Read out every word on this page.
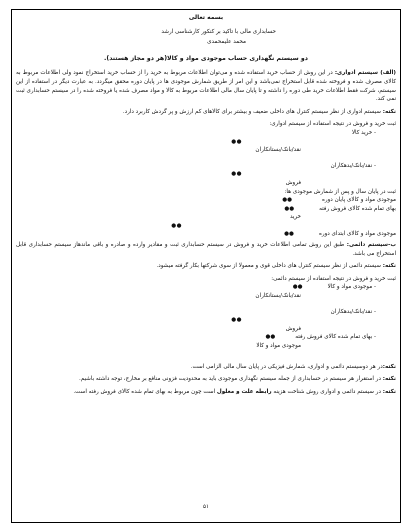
بسمه تعالی
حسابداری مالی با تاکید بر کنکور کارشناسی ارشد
محمد علیمحمدی
دو سیستم نگهداری حساب موجودی مواد و کالا(هر دو مجاز هستند).
(الف) سیستم ادواری: در این روش از حساب خرید استفاده شده و می‌توان اطلاعات مربوط به خرید را از حساب خرید استخراج نمود ولی اطلاعات مربوط به کالای مصرف شده و فروخته شده قابل استخراج نمی‌باشد و این امر از طریق شمارش موجودی ها در پایان دوره محقق میگردد. به عبارت دیگر در استفاده از این سیستم، شرکت فقط اطلاعات خرید طی دوره را داشته و تا پایان سال مالی اطلاعات مربوط به کالا و مواد مصرف شده یا فروخته شده را در سیستم حسابداری ثبت نمی کند.
نکته: سیستم ادواری از نظر سیستم کنترل های داخلی ضعیف و بیشتر برای کالاهای کم ارزش و پر گردش کاربرد دارد.
ثبت خرید و فروش در نتیجه استفاده از سیستم ادواری:
- خرید کالا
●●
نقد/بانک/بستانکاران
- نقد/بانک/بدهکاران
●●
فروش
ثبت در پایان سال و پس از شمارش موجودی ها:
موجودی مواد و کالای پایان دوره●●
بهای تمام شده کالای فروش رفته●●
خرید
●●
موجودی مواد و کالای ابتدای دوره●●
ب-سیستم دائمی: طبق این روش تمامی اطلاعات خرید و فروش در سیستم حسابداری ثبت و مقادیر وارده و صادره و باقی ماندهاز سیستم حسابداری قابل استخراج می باشد.
نکته: سیستم دائمی از نظر سیستم کنترل های داخلی قوی و معمولا از سوی شرکتها بکار گرفته میشود.
ثبت خرید و فروش در نتیجه استفاده از سیستم دائمی:
- موجودی مواد و کالا●●
نقد/بانک/بستانکاران
- نقد/بانک/بدهکاران
●●
فروش
- بهای تمام شده کالای فروش رفته●●
موجودی مواد و کالا
نکته:در هر دوسیستم دائمی و ادواری، شمارش فیزیکی در پایان سال مالی الزامی است.
نکته: در استقرار هر سیستم در حسابداری از جمله سیستم نگهداری موجودی باید به محدودیت فزونی منافع بر مخارج، توجه داشته باشیم.
نکته: در سیستم دائمی و ادواری روش شناخت هزینه رابطه علت و معلول است چون مربوط به بهای تمام شده کالای فروش رفته است.
۵۱
